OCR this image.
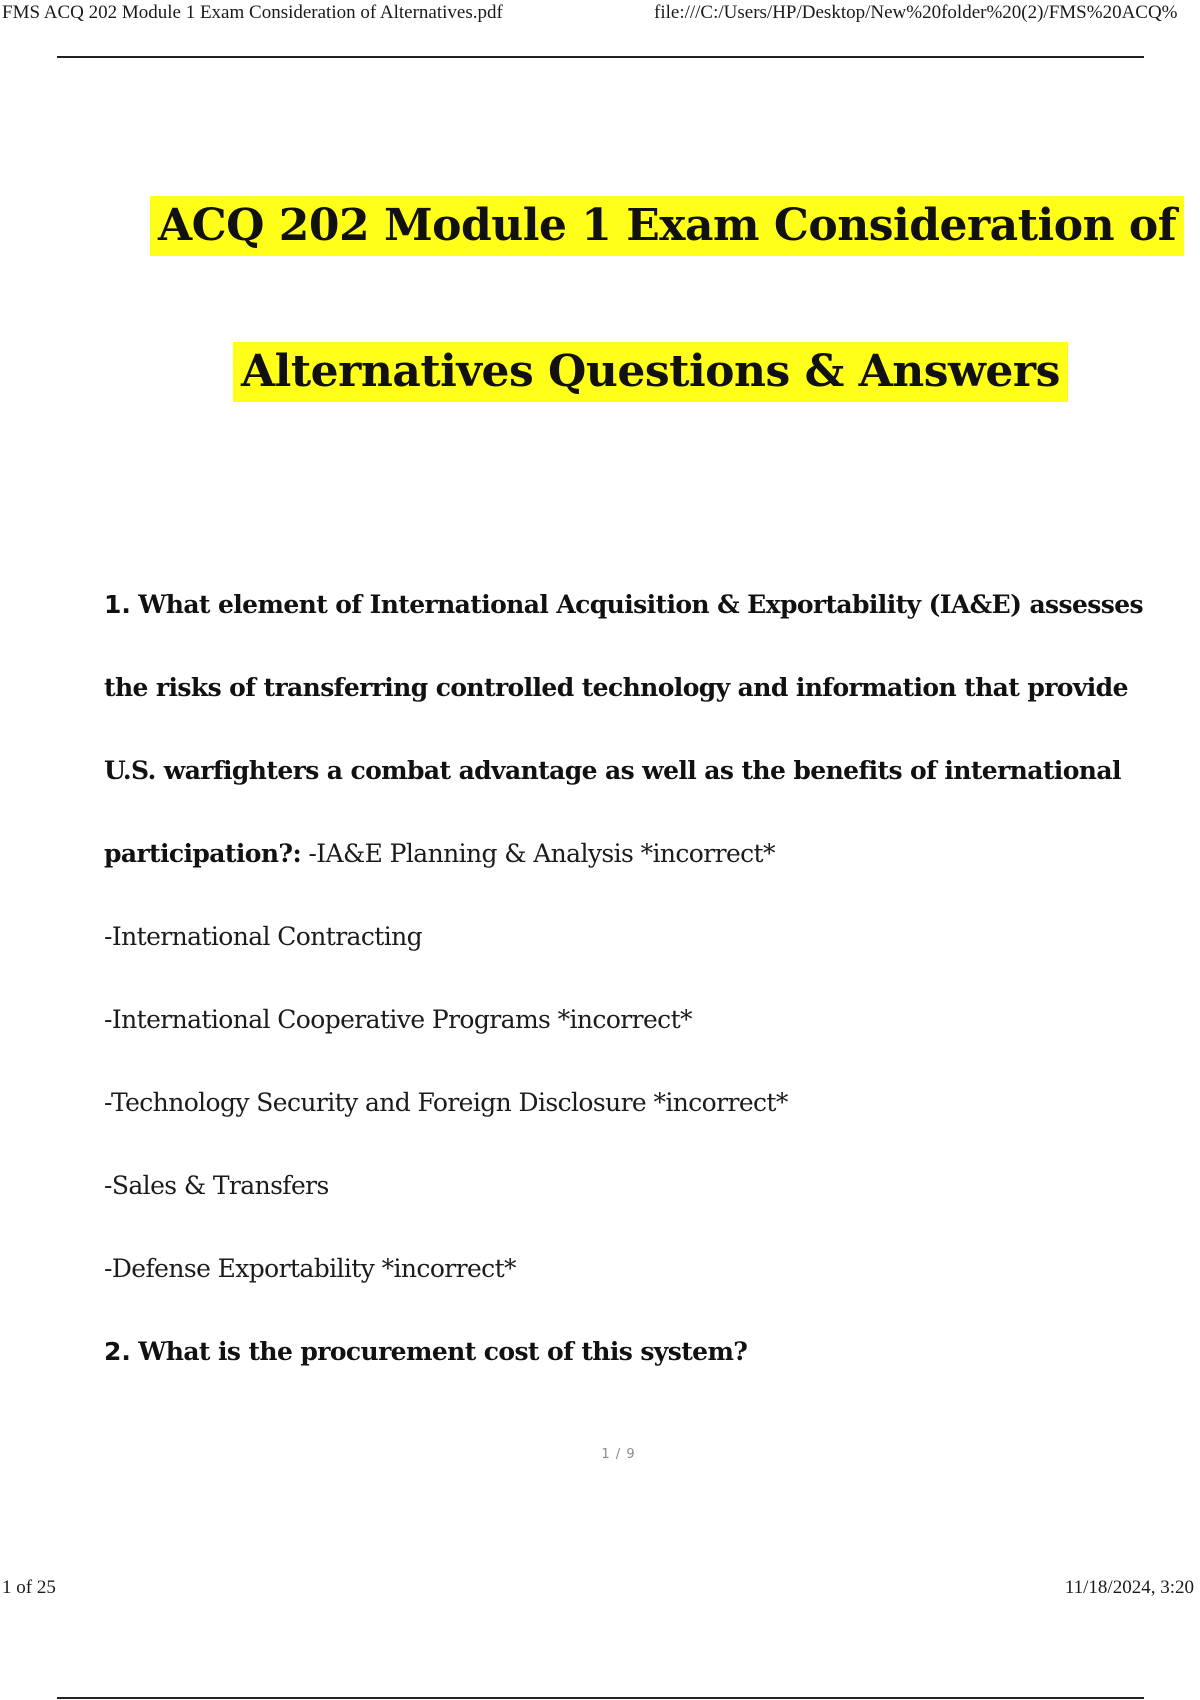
FMS ACQ 202 Module 1 Exam Consideration of Alternatives.pdf	file:///C:/Users/HP/Desktop/New%20folder%20(2)/FMS%20ACQ%
ACQ 202 Module 1 Exam Consideration of
Alternatives Questions & Answers
1. What element of International Acquisition & Exportability (IA&E) assesses
the risks of transferring controlled technology and information that provide
U.S. warfighters a combat advantage as well as the benefits of international
participation?: -IA&E Planning & Analysis *incorrect*
-International Contracting
-International Cooperative Programs *incorrect*
-Technology Security and Foreign Disclosure *incorrect*
-Sales & Transfers
-Defense Exportability *incorrect*
2. What is the procurement cost of this system?
1 / 9
1 of 25	11/18/2024, 3:20
